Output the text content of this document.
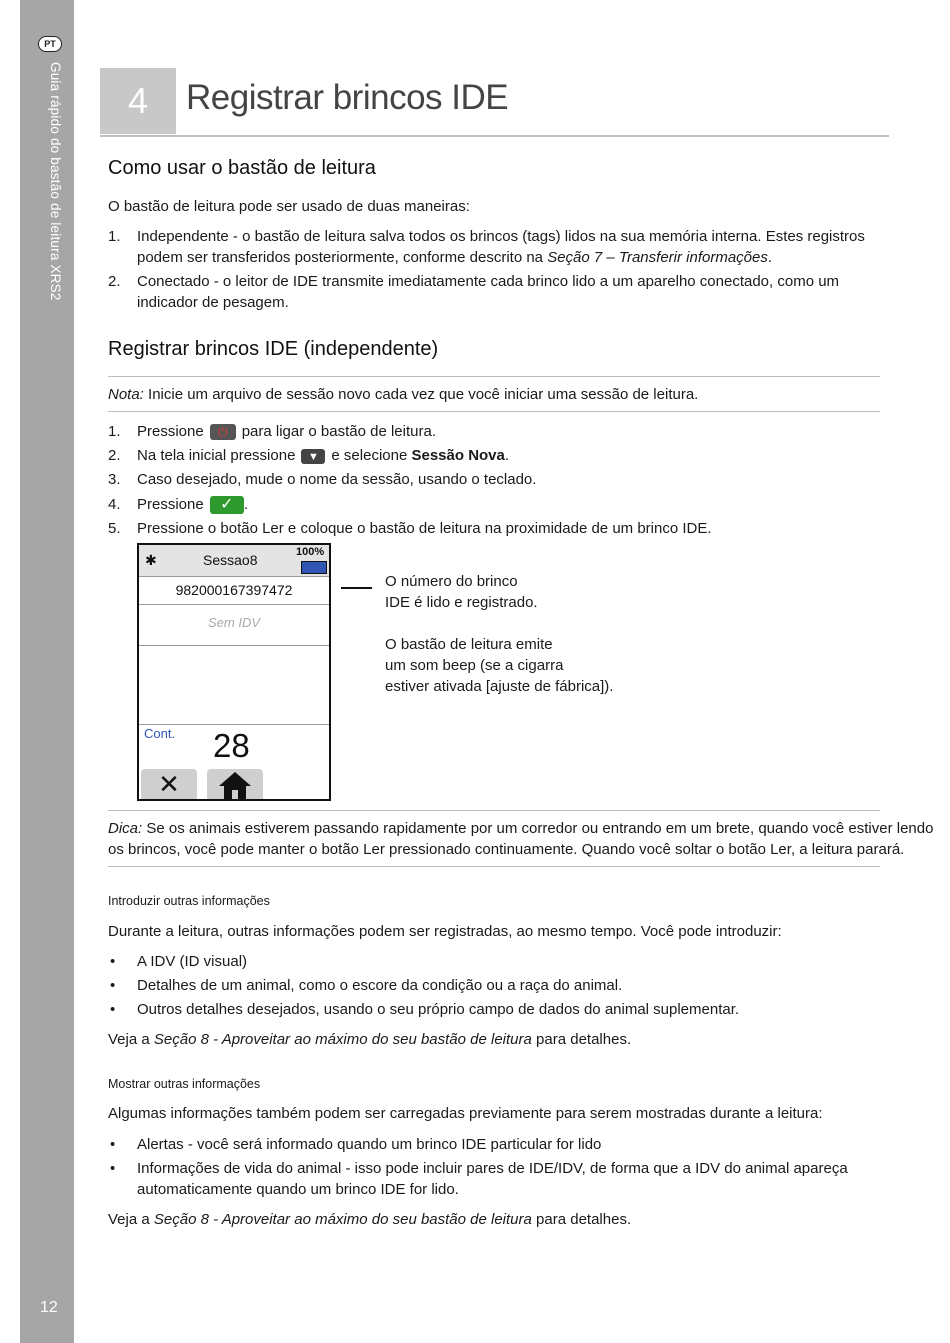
PT
Guia rápido do bastão de leitura XRS2
12
4	Registrar brincos IDE
Como usar o bastão de leitura
O bastão de leitura pode ser usado de duas maneiras:
1. Independente - o bastão de leitura salva todos os brincos (tags) lidos na sua memória interna. Estes registros podem ser transferidos posteriormente, conforme descrito na Seção 7 – Transferir informações.
2. Conectado - o leitor de IDE transmite imediatamente cada brinco lido a um aparelho conectado, como um indicador de pesagem.
Registrar brincos IDE (independente)
Nota: Inicie um arquivo de sessão novo cada vez que você iniciar uma sessão de leitura.
1. Pressione ⏻ para ligar o bastão de leitura.
2. Na tela inicial pressione ▼ e selecione Sessão Nova.
3. Caso desejado, mude o nome da sessão, usando o teclado.
4. Pressione ✓ .
5. Pressione o botão Ler e coloque o bastão de leitura na proximidade de um brinco IDE.
✱	Sessao8	100%
982000167397472
Sem IDV
Cont. 28
✕
O número do brinco
IDE é lido e registrado.
O bastão de leitura emite
um som beep (se a cigarra
estiver ativada [ajuste de fábrica]).
Dica: Se os animais estiverem passando rapidamente por um corredor ou entrando em um brete, quando você estiver lendo
os brincos, você pode manter o botão Ler pressionado continuamente. Quando você soltar o botão Ler, a leitura parará.
Introduzir outras informações
Durante a leitura, outras informações podem ser registradas, ao mesmo tempo. Você pode introduzir:
• A IDV (ID visual)
• Detalhes de um animal, como o escore da condição ou a raça do animal.
• Outros detalhes desejados, usando o seu próprio campo de dados do animal suplementar.
Veja a Seção 8 - Aproveitar ao máximo do seu bastão de leitura para detalhes.
Mostrar outras informações
Algumas informações também podem ser carregadas previamente para serem mostradas durante a leitura:
• Alertas - você será informado quando um brinco IDE particular for lido
• Informações de vida do animal - isso pode incluir pares de IDE/IDV, de forma que a IDV do animal apareça automaticamente quando um brinco IDE for lido.
Veja a Seção 8 - Aproveitar ao máximo do seu bastão de leitura para detalhes.
